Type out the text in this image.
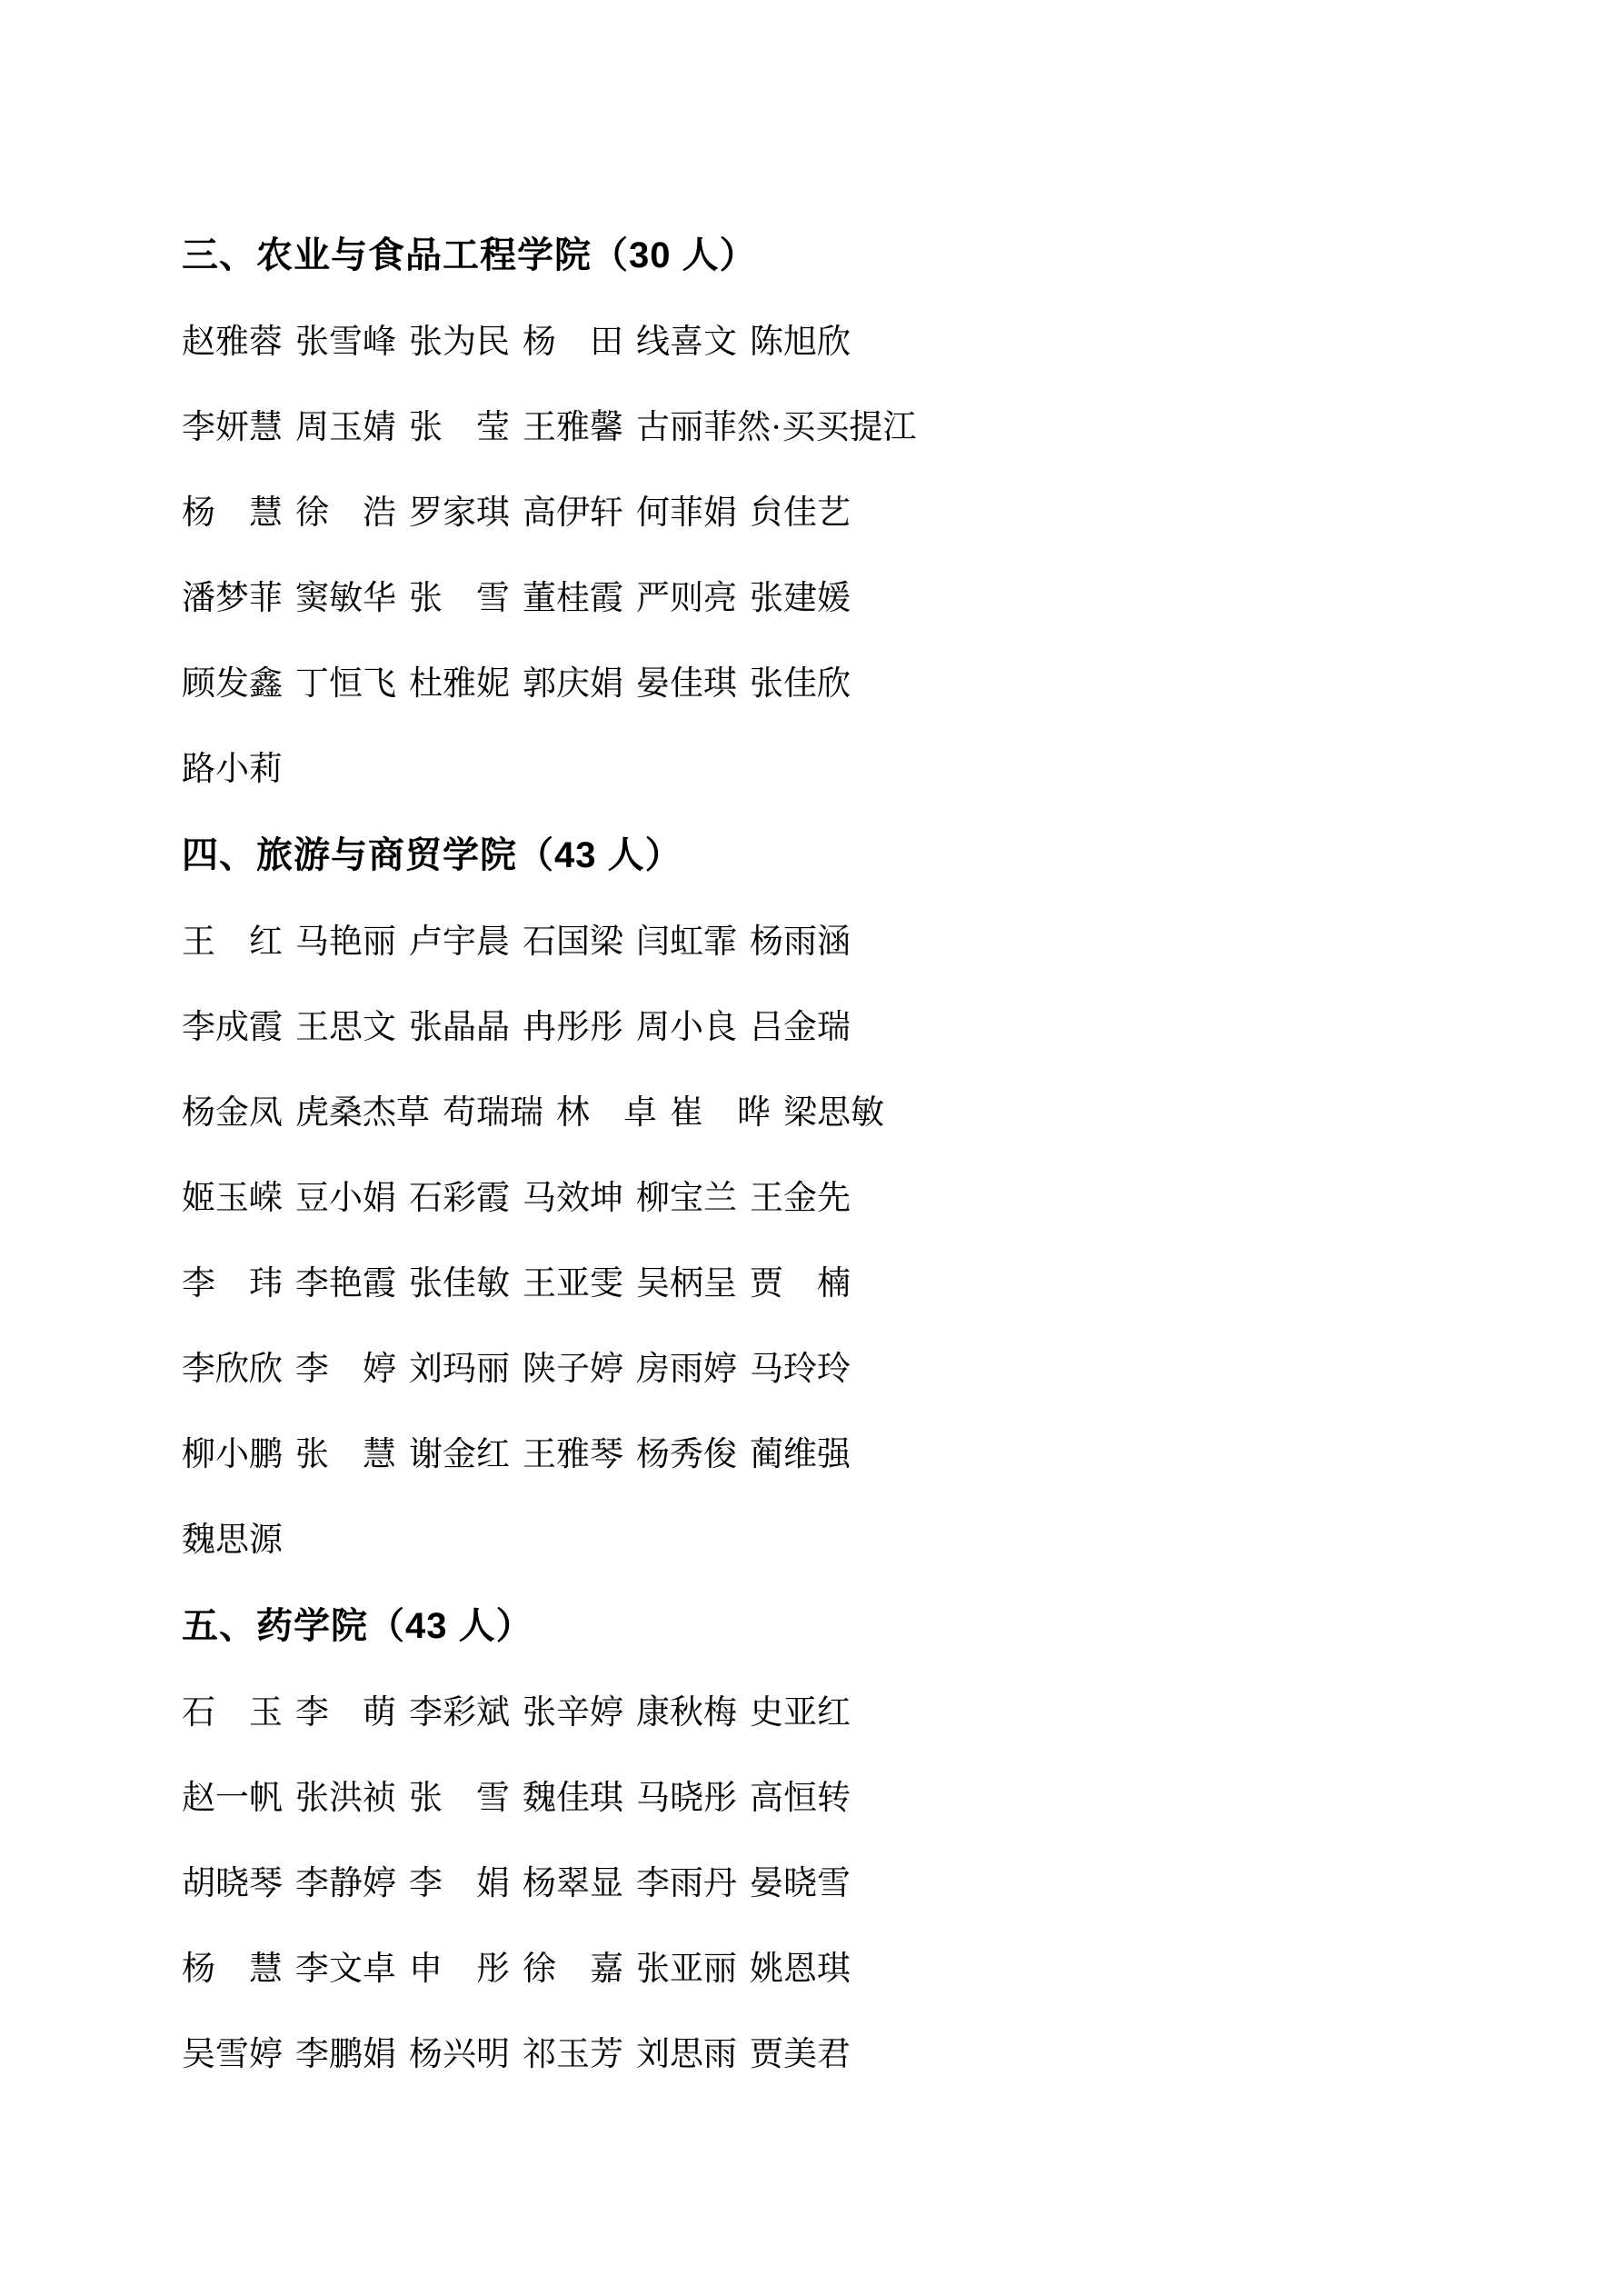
三、农业与食品工程学院（30 人）
赵雅蓉 张雪峰 张为民 杨　田 线喜文 陈旭欣
李妍慧 周玉婧 张　莹 王雅馨 古丽菲然·买买提江
杨　慧 徐　浩 罗家琪 高伊轩 何菲娟 贠佳艺
潘梦菲 窦敏华 张　雪 董桂霞 严则亮 张建媛
顾发鑫 丁恒飞 杜雅妮 郭庆娟 晏佳琪 张佳欣
路小莉
四、旅游与商贸学院（43 人）
王　红 马艳丽 卢宇晨 石国梁 闫虹霏 杨雨涵
李成霞 王思文 张晶晶 冉彤彤 周小良 吕金瑞
杨金凤 虎桑杰草 苟瑞瑞 林　卓 崔　晔 梁思敏
姬玉嵘 豆小娟 石彩霞 马效坤 柳宝兰 王金先
李　玮 李艳霞 张佳敏 王亚雯 吴柄呈 贾　楠
李欣欣 李　婷 刘玛丽 陕子婷 房雨婷 马玲玲
柳小鹏 张　慧 谢金红 王雅琴 杨秀俊 蔺维强
魏思源
五、药学院（43 人）
石　玉 李　萌 李彩斌 张辛婷 康秋梅 史亚红
赵一帆 张洪祯 张　雪 魏佳琪 马晓彤 高恒转
胡晓琴 李静婷 李　娟 杨翠显 李雨丹 晏晓雪
杨　慧 李文卓 申　彤 徐　嘉 张亚丽 姚恩琪
吴雪婷 李鹏娟 杨兴明 祁玉芳 刘思雨 贾美君
